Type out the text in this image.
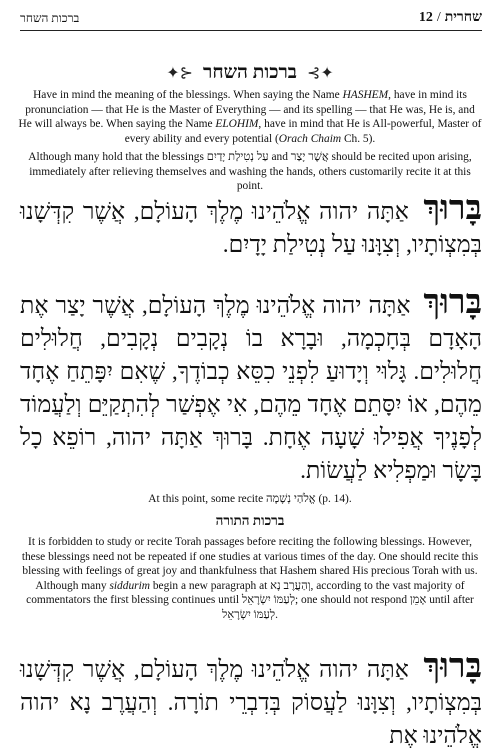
ברכות השחר	12 / שחרית
✦⊱ ברכות השחר ⊰✦
Have in mind the meaning of the blessings. When saying the Name HASHEM, have in mind its pronunciation — that He is the Master of Everything — and its spelling — that He was, He is, and He will always be. When saying the Name ELOHIM, have in mind that He is All-powerful, Master of every ability and every potential (Orach Chaim Ch. 5).
Although many hold that the blessings עַל נְטִילַת יָדַיִם and אֲשֶׁר יָצַר should be recited upon arising, immediately after relieving themselves and washing the hands, others customarily recite it at this point.
בָּרוּךְ אַתָּה יהוה אֱלֹהֵינוּ מֶלֶךְ הָעוֹלָם, אֲשֶׁר קִדְּשָׁנוּ בְּמִצְוֹתָיו, וְצִוָּנוּ עַל נְטִילַת יָדָיִם.
בָּרוּךְ אַתָּה יהוה אֱלֹהֵינוּ מֶלֶךְ הָעוֹלָם, אֲשֶׁר יָצַר אֶת הָאָדָם בְּחָכְמָה, וּבָרָא בוֹ נְקָבִים נְקָבִים, חֲלוּלִים חֲלוּלִים. גָּלוּי וְיָדוּעַ לִפְנֵי כִסֵּא כְבוֹדֶךָ, שֶׁאִם יִפָּתֵחַ אֶחָד מֵהֶם, אוֹ יִסָּתֵם אֶחָד מֵהֶם, אִי אֶפְשַׁר לְהִתְקַיֵּם וְלַעֲמוֹד לְפָנֶיךָ אֲפִילוּ שָׁעָה אֶחָת. בָּרוּךְ אַתָּה יהוה, רוֹפֵא כָל בָּשָׂר וּמַפְלִיא לַעֲשׂוֹת.
At this point, some recite אֱלֹהַי נְשָׁמָה (p. 14).
ברכות התורה
It is forbidden to study or recite Torah passages before reciting the following blessings. However, these blessings need not be repeated if one studies at various times of the day. One should recite this blessing with feelings of great joy and thankfulness that Hashem shared His precious Torah with us. Although many siddurim begin a new paragraph at וְהַעֲרֶב נָא, according to the vast majority of commentators the first blessing continues until לְעַמּוֹ יִשְׂרָאֵל; one should not respond אָמֵן until after לְעַמּוֹ יִשְׂרָאֵל.
בָּרוּךְ אַתָּה יהוה אֱלֹהֵינוּ מֶלֶךְ הָעוֹלָם, אֲשֶׁר קִדְּשָׁנוּ בְּמִצְוֹתָיו, וְצִוָּנוּ לַעֲסוֹק בְּדִבְרֵי תוֹרָה. וְהַעֲרֶב נָא יהוה אֱלֹהֵינוּ אֶת
